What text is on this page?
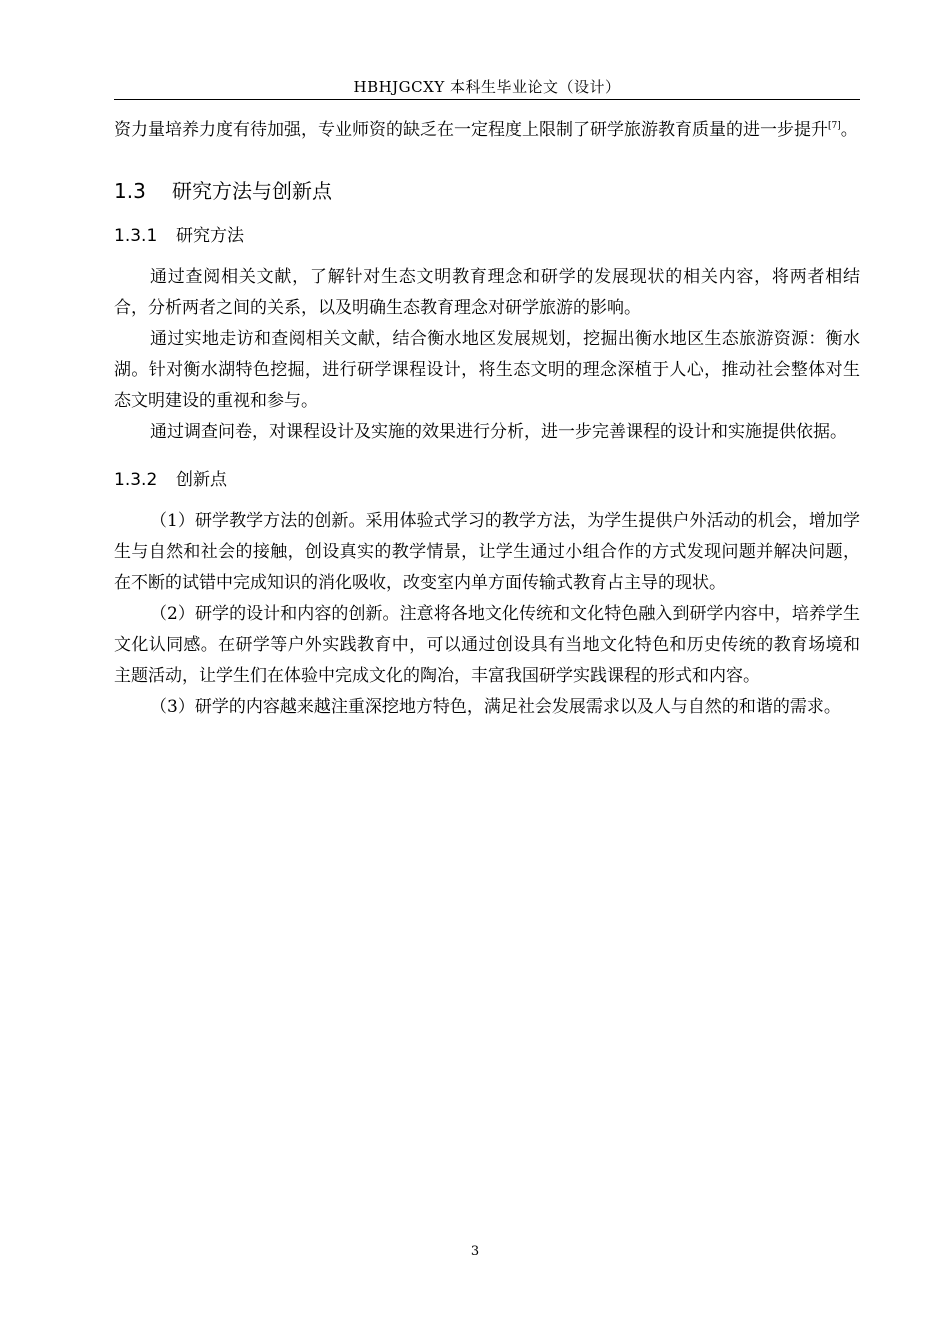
HBHJGCXY 本科生毕业论文（设计）

资力量培养力度有待加强，专业师资的缺乏在一定程度上限制了研学旅游教育质量的进一步提升[7]。

1.3 研究方法与创新点
1.3.1 研究方法

通过查阅相关文献，了解针对生态文明教育理念和研学的发展现状的相关内容，将两者相结合，分析两者之间的关系，以及明确生态教育理念对研学旅游的影响。

通过实地走访和查阅相关文献，结合衡水地区发展规划，挖掘出衡水地区生态旅游资源：衡水湖。针对衡水湖特色挖掘，进行研学课程设计，将生态文明的理念深植于人心，推动社会整体对生态文明建设的重视和参与。

通过调查问卷，对课程设计及实施的效果进行分析，进一步完善课程的设计和实施提供依据。

1.3.2 创新点

（1）研学教学方法的创新。采用体验式学习的教学方法，为学生提供户外活动的机会，增加学生与自然和社会的接触，创设真实的教学情景，让学生通过小组合作的方式发现问题并解决问题，在不断的试错中完成知识的消化吸收，改变室内单方面传输式教育占主导的现状。

（2）研学的设计和内容的创新。注意将各地文化传统和文化特色融入到研学内容中，培养学生文化认同感。在研学等户外实践教育中，可以通过创设具有当地文化特色和历史传统的教育场境和主题活动，让学生们在体验中完成文化的陶冶，丰富我国研学实践课程的形式和内容。

（3）研学的内容越来越注重深挖地方特色，满足社会发展需求以及人与自然的和谐的需求。

3
